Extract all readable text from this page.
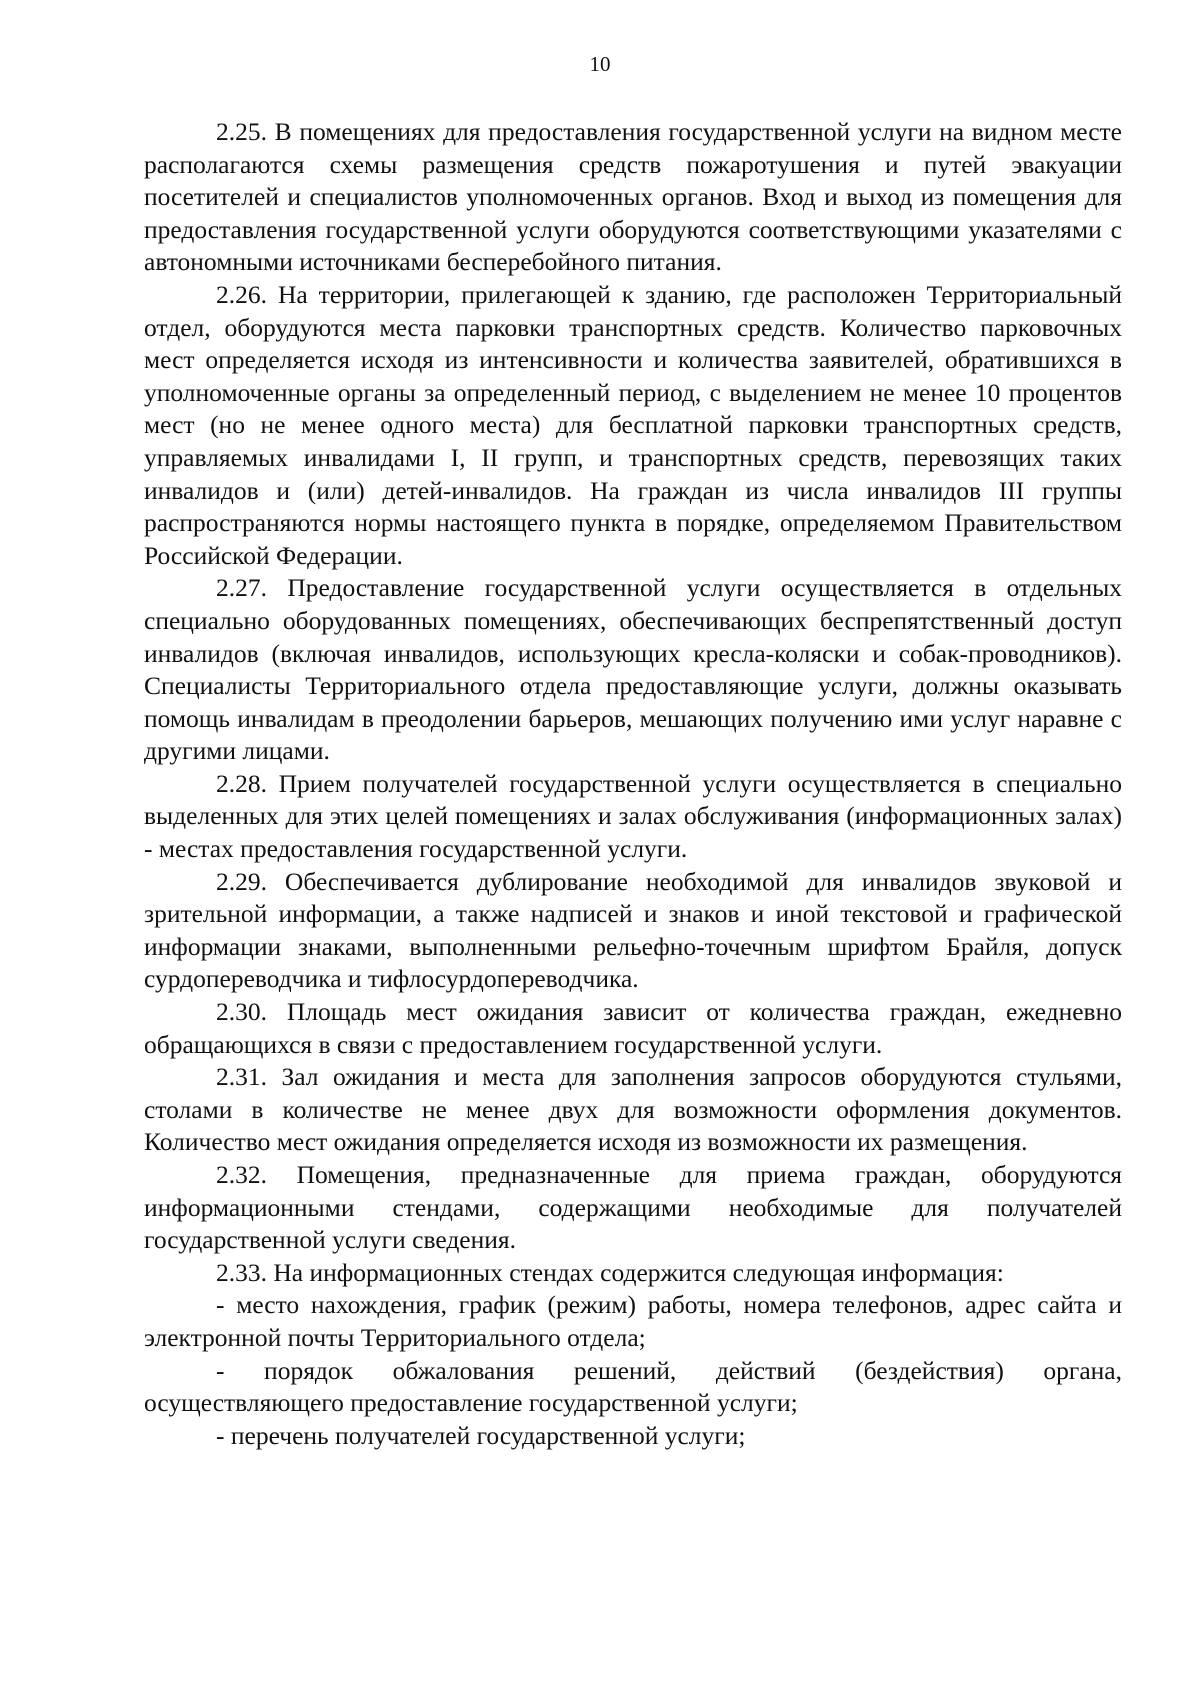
10

2.25. В помещениях для предоставления государственной услуги на видном месте располагаются схемы размещения средств пожаротушения и путей эвакуации посетителей и специалистов уполномоченных органов. Вход и выход из помещения для предоставления государственной услуги оборудуются соответствующими указателями с автономными источниками бесперебойного питания.

2.26. На территории, прилегающей к зданию, где расположен Территориальный отдел, оборудуются места парковки транспортных средств. Количество парковочных мест определяется исходя из интенсивности и количества заявителей, обратившихся в уполномоченные органы за определенный период, с выделением не менее 10 процентов мест (но не менее одного места) для бесплатной парковки транспортных средств, управляемых инвалидами I, II групп, и транспортных средств, перевозящих таких инвалидов и (или) детей-инвалидов. На граждан из числа инвалидов III группы распространяются нормы настоящего пункта в порядке, определяемом Правительством Российской Федерации.

2.27. Предоставление государственной услуги осуществляется в отдельных специально оборудованных помещениях, обеспечивающих беспрепятственный доступ инвалидов (включая инвалидов, использующих кресла-коляски и собак-проводников). Специалисты Территориального отдела предоставляющие услуги, должны оказывать помощь инвалидам в преодолении барьеров, мешающих получению ими услуг наравне с другими лицами.

2.28. Прием получателей государственной услуги осуществляется в специально выделенных для этих целей помещениях и залах обслуживания (информационных залах) - местах предоставления государственной услуги.

2.29. Обеспечивается дублирование необходимой для инвалидов звуковой и зрительной информации, а также надписей и знаков и иной текстовой и графической информации знаками, выполненными рельефно-точечным шрифтом Брайля, допуск сурдопереводчика и тифлосурдопереводчика.

2.30. Площадь мест ожидания зависит от количества граждан, ежедневно обращающихся в связи с предоставлением государственной услуги.

2.31. Зал ожидания и места для заполнения запросов оборудуются стульями, столами в количестве не менее двух для возможности оформления документов. Количество мест ожидания определяется исходя из возможности их размещения.

2.32. Помещения, предназначенные для приема граждан, оборудуются информационными стендами, содержащими необходимые для получателей государственной услуги сведения.

2.33. На информационных стендах содержится следующая информация:

- место нахождения, график (режим) работы, номера телефонов, адрес сайта и электронной почты Территориального отдела;

- порядок обжалования решений, действий (бездействия) органа, осуществляющего предоставление государственной услуги;

- перечень получателей государственной услуги;
